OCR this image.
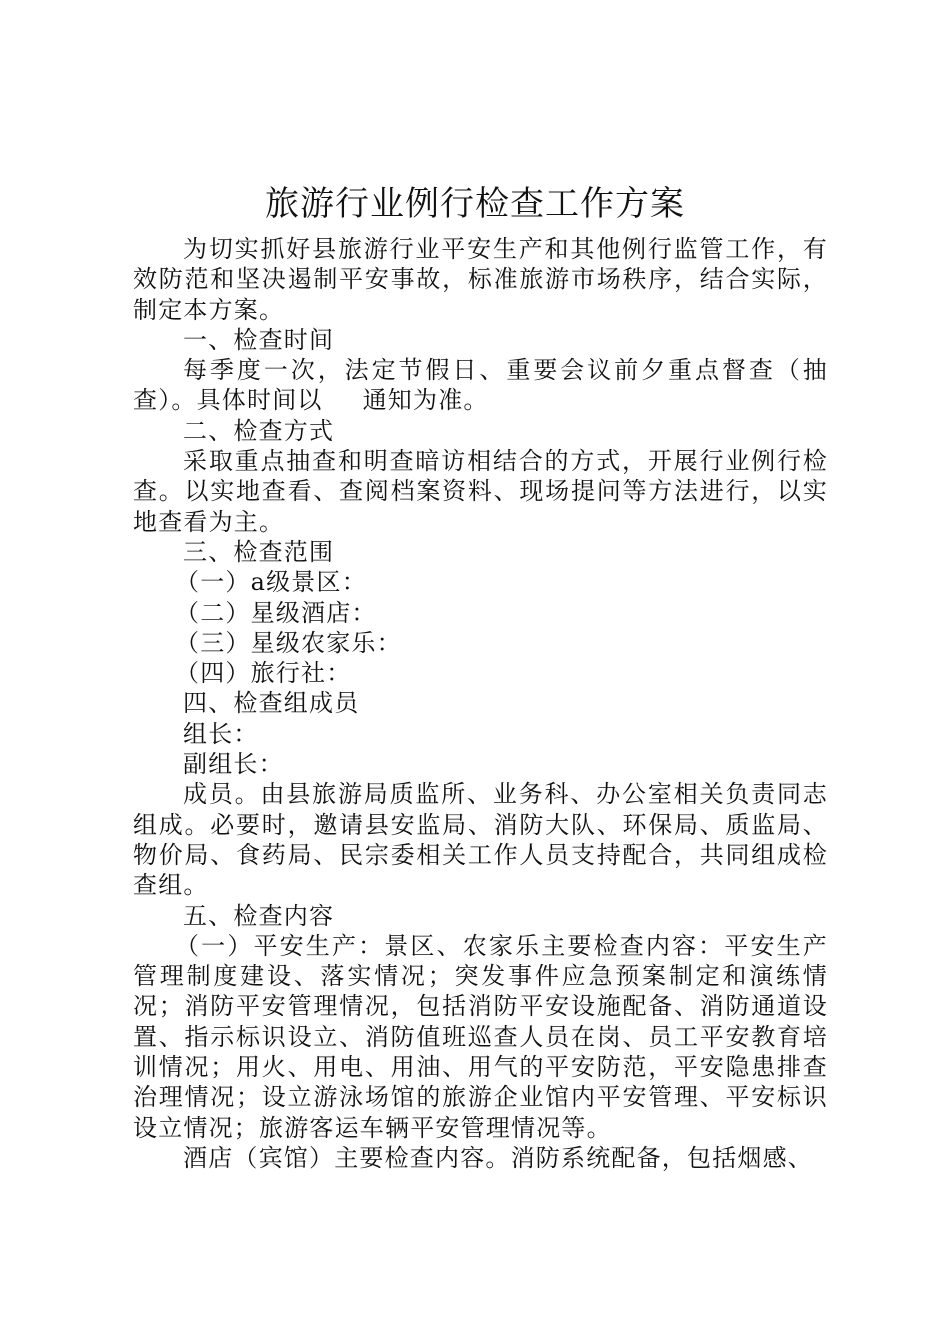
旅游行业例行检查工作方案

为切实抓好县旅游行业平安生产和其他例行监管工作，有效防范和坚决遏制平安事故，标准旅游市场秩序，结合实际，制定本方案。

一、检查时间

每季度一次，法定节假日、重要会议前夕重点督查（抽查）。具体时间以 通知为准。

二、检查方式

采取重点抽查和明查暗访相结合的方式，开展行业例行检查。以实地查看、查阅档案资料、现场提问等方法进行，以实地查看为主。

三、检查范围

（一）a级景区：

（二）星级酒店：

（三）星级农家乐：

（四）旅行社：

四、检查组成员

组长：

副组长：

成员。由县旅游局质监所、业务科、办公室相关负责同志组成。必要时，邀请县安监局、消防大队、环保局、质监局、物价局、食药局、民宗委相关工作人员支持配合，共同组成检查组。

五、检查内容

（一）平安生产：景区、农家乐主要检查内容：平安生产管理制度建设、落实情况；突发事件应急预案制定和演练情况；消防平安管理情况，包括消防平安设施配备、消防通道设置、指示标识设立、消防值班巡查人员在岗、员工平安教育培训情况；用火、用电、用油、用气的平安防范，平安隐患排查治理情况；设立游泳场馆的旅游企业馆内平安管理、平安标识设立情况；旅游客运车辆平安管理情况等。

酒店（宾馆）主要检查内容。消防系统配备，包括烟感、
